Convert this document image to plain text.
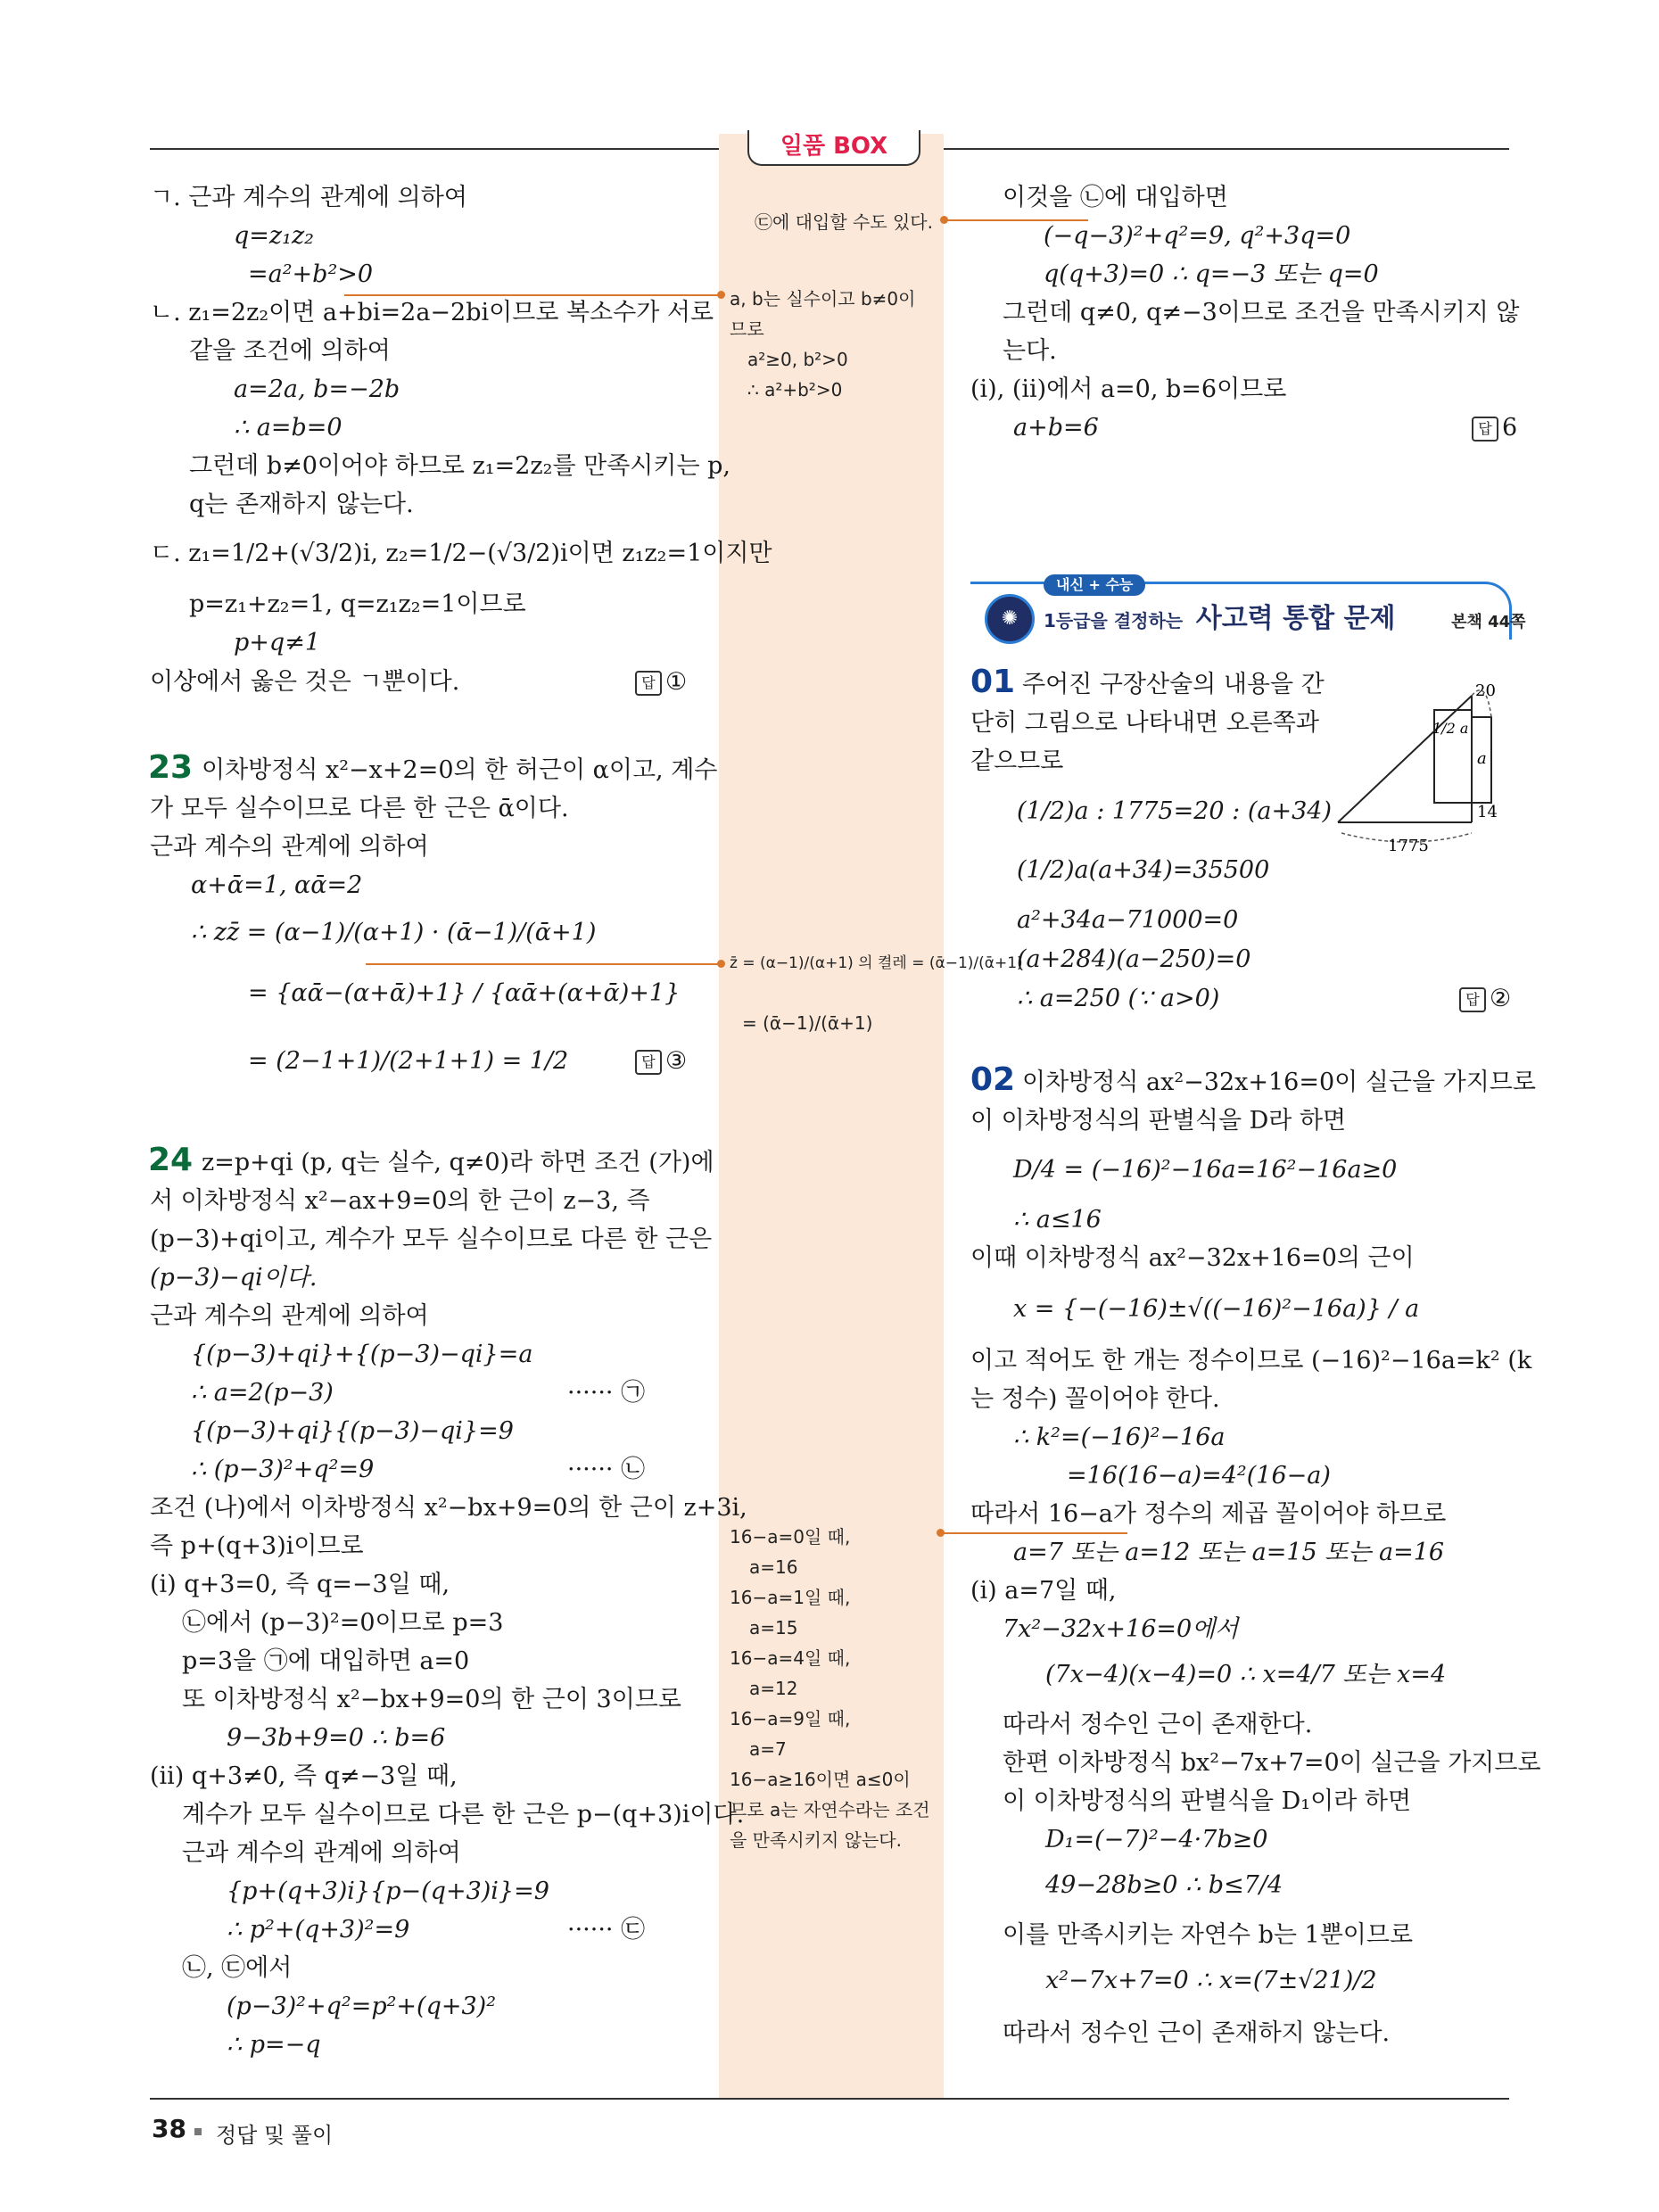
일품 BOX
ㄱ. 근과 계수의 관계에 의하여
q=z₁z₂
=a²+b²>0
ㄴ. z₁=2z₂이면 a+bi=2a−2bi이므로 복소수가 서로
같을 조건에 의하여
a=2a, b=−2b
∴ a=b=0
그런데 b≠0이어야 하므로 z₁=2z₂를 만족시키는 p,
q는 존재하지 않는다.
ㄷ. z₁=1/2+(√3/2)i, z₂=1/2−(√3/2)i이면 z₁z₂=1이지만
p=z₁+z₂=1, q=z₁z₂=1이므로
p+q≠1
이상에서 옳은 것은 ㄱ뿐이다.	답 ①
23 이차방정식 x²−x+2=0의 한 허근이 α이고, 계수
가 모두 실수이므로 다른 한 근은 ᾱ이다.
근과 계수의 관계에 의하여
α+ᾱ=1, αᾱ=2
∴ zz̄ = (α−1)/(α+1) · (ᾱ−1)/(ᾱ+1)
= {αᾱ−(α+ᾱ)+1} / {αᾱ+(α+ᾱ)+1}
= (2−1+1)/(2+1+1) = 1/2	답 ③
24 z=p+qi (p, q는 실수, q≠0)라 하면 조건 (가)에
서 이차방정식 x²−ax+9=0의 한 근이 z−3, 즉
(p−3)+qi이고, 계수가 모두 실수이므로 다른 한 근은
(p−3)−qi이다.
근과 계수의 관계에 의하여
{(p−3)+qi}+{(p−3)−qi}=a
∴ a=2(p−3)	······ ㉠
{(p−3)+qi}{(p−3)−qi}=9
∴ (p−3)²+q²=9	······ ㉡
조건 (나)에서 이차방정식 x²−bx+9=0의 한 근이 z+3i,
즉 p+(q+3)i이므로
(i) q+3=0, 즉 q=−3일 때,
㉡에서 (p−3)²=0이므로 p=3
p=3을 ㉠에 대입하면 a=0
또 이차방정식 x²−bx+9=0의 한 근이 3이므로
9−3b+9=0 ∴ b=6
(ii) q+3≠0, 즉 q≠−3일 때,
계수가 모두 실수이므로 다른 한 근은 p−(q+3)i이다.
근과 계수의 관계에 의하여
{p+(q+3)i}{p−(q+3)i}=9
∴ p²+(q+3)²=9	······ ㉢
㉡, ㉢에서
(p−3)²+q²=p²+(q+3)²
∴ p=−q
㉢에 대입할 수도 있다.
a, b는 실수이고 b≠0이
므로
a²≥0, b²>0
∴ a²+b²>0
z̄ = (α−1)/(α+1) 의 켤레 = (ᾱ−1)/(ᾱ+1)
= (ᾱ−1)/(ᾱ+1)
16−a=0일 때,
a=16
16−a=1일 때,
a=15
16−a=4일 때,
a=12
16−a=9일 때,
a=7
16−a≥16이면 a≤0이
므로 a는 자연수라는 조건
을 만족시키지 않는다.
이것을 ㉡에 대입하면
(−q−3)²+q²=9, q²+3q=0
q(q+3)=0 ∴ q=−3 또는 q=0
그런데 q≠0, q≠−3이므로 조건을 만족시키지 않
는다.
(i), (ii)에서 a=0, b=6이므로
a+b=6	답 6
내신 + 수능
✺	1등급을 결정하는 사고력 통합 문제	본책 44쪽
01 주어진 구장산술의 내용을 간
단히 그림으로 나타내면 오른쪽과
같으므로
(1/2)a : 1775=20 : (a+34)
(1/2)a(a+34)=35500
a²+34a−71000=0
(a+284)(a−250)=0
∴ a=250 (∵ a>0)	답 ②
20
1/2 a
a
14
1775
02 이차방정식 ax²−32x+16=0이 실근을 가지므로
이 이차방정식의 판별식을 D라 하면
D/4 = (−16)²−16a=16²−16a≥0
∴ a≤16
이때 이차방정식 ax²−32x+16=0의 근이
x = {−(−16)±√((−16)²−16a)} / a
이고 적어도 한 개는 정수이므로 (−16)²−16a=k² (k
는 정수) 꼴이어야 한다.
∴ k²=(−16)²−16a
=16(16−a)=4²(16−a)
따라서 16−a가 정수의 제곱 꼴이어야 하므로
a=7 또는 a=12 또는 a=15 또는 a=16
(i) a=7일 때,
7x²−32x+16=0에서
(7x−4)(x−4)=0 ∴ x=4/7 또는 x=4
따라서 정수인 근이 존재한다.
한편 이차방정식 bx²−7x+7=0이 실근을 가지므로
이 이차방정식의 판별식을 D₁이라 하면
D₁=(−7)²−4·7b≥0
49−28b≥0 ∴ b≤7/4
이를 만족시키는 자연수 b는 1뿐이므로
x²−7x+7=0 ∴ x=(7±√21)/2
따라서 정수인 근이 존재하지 않는다.
38 정답 및 풀이
